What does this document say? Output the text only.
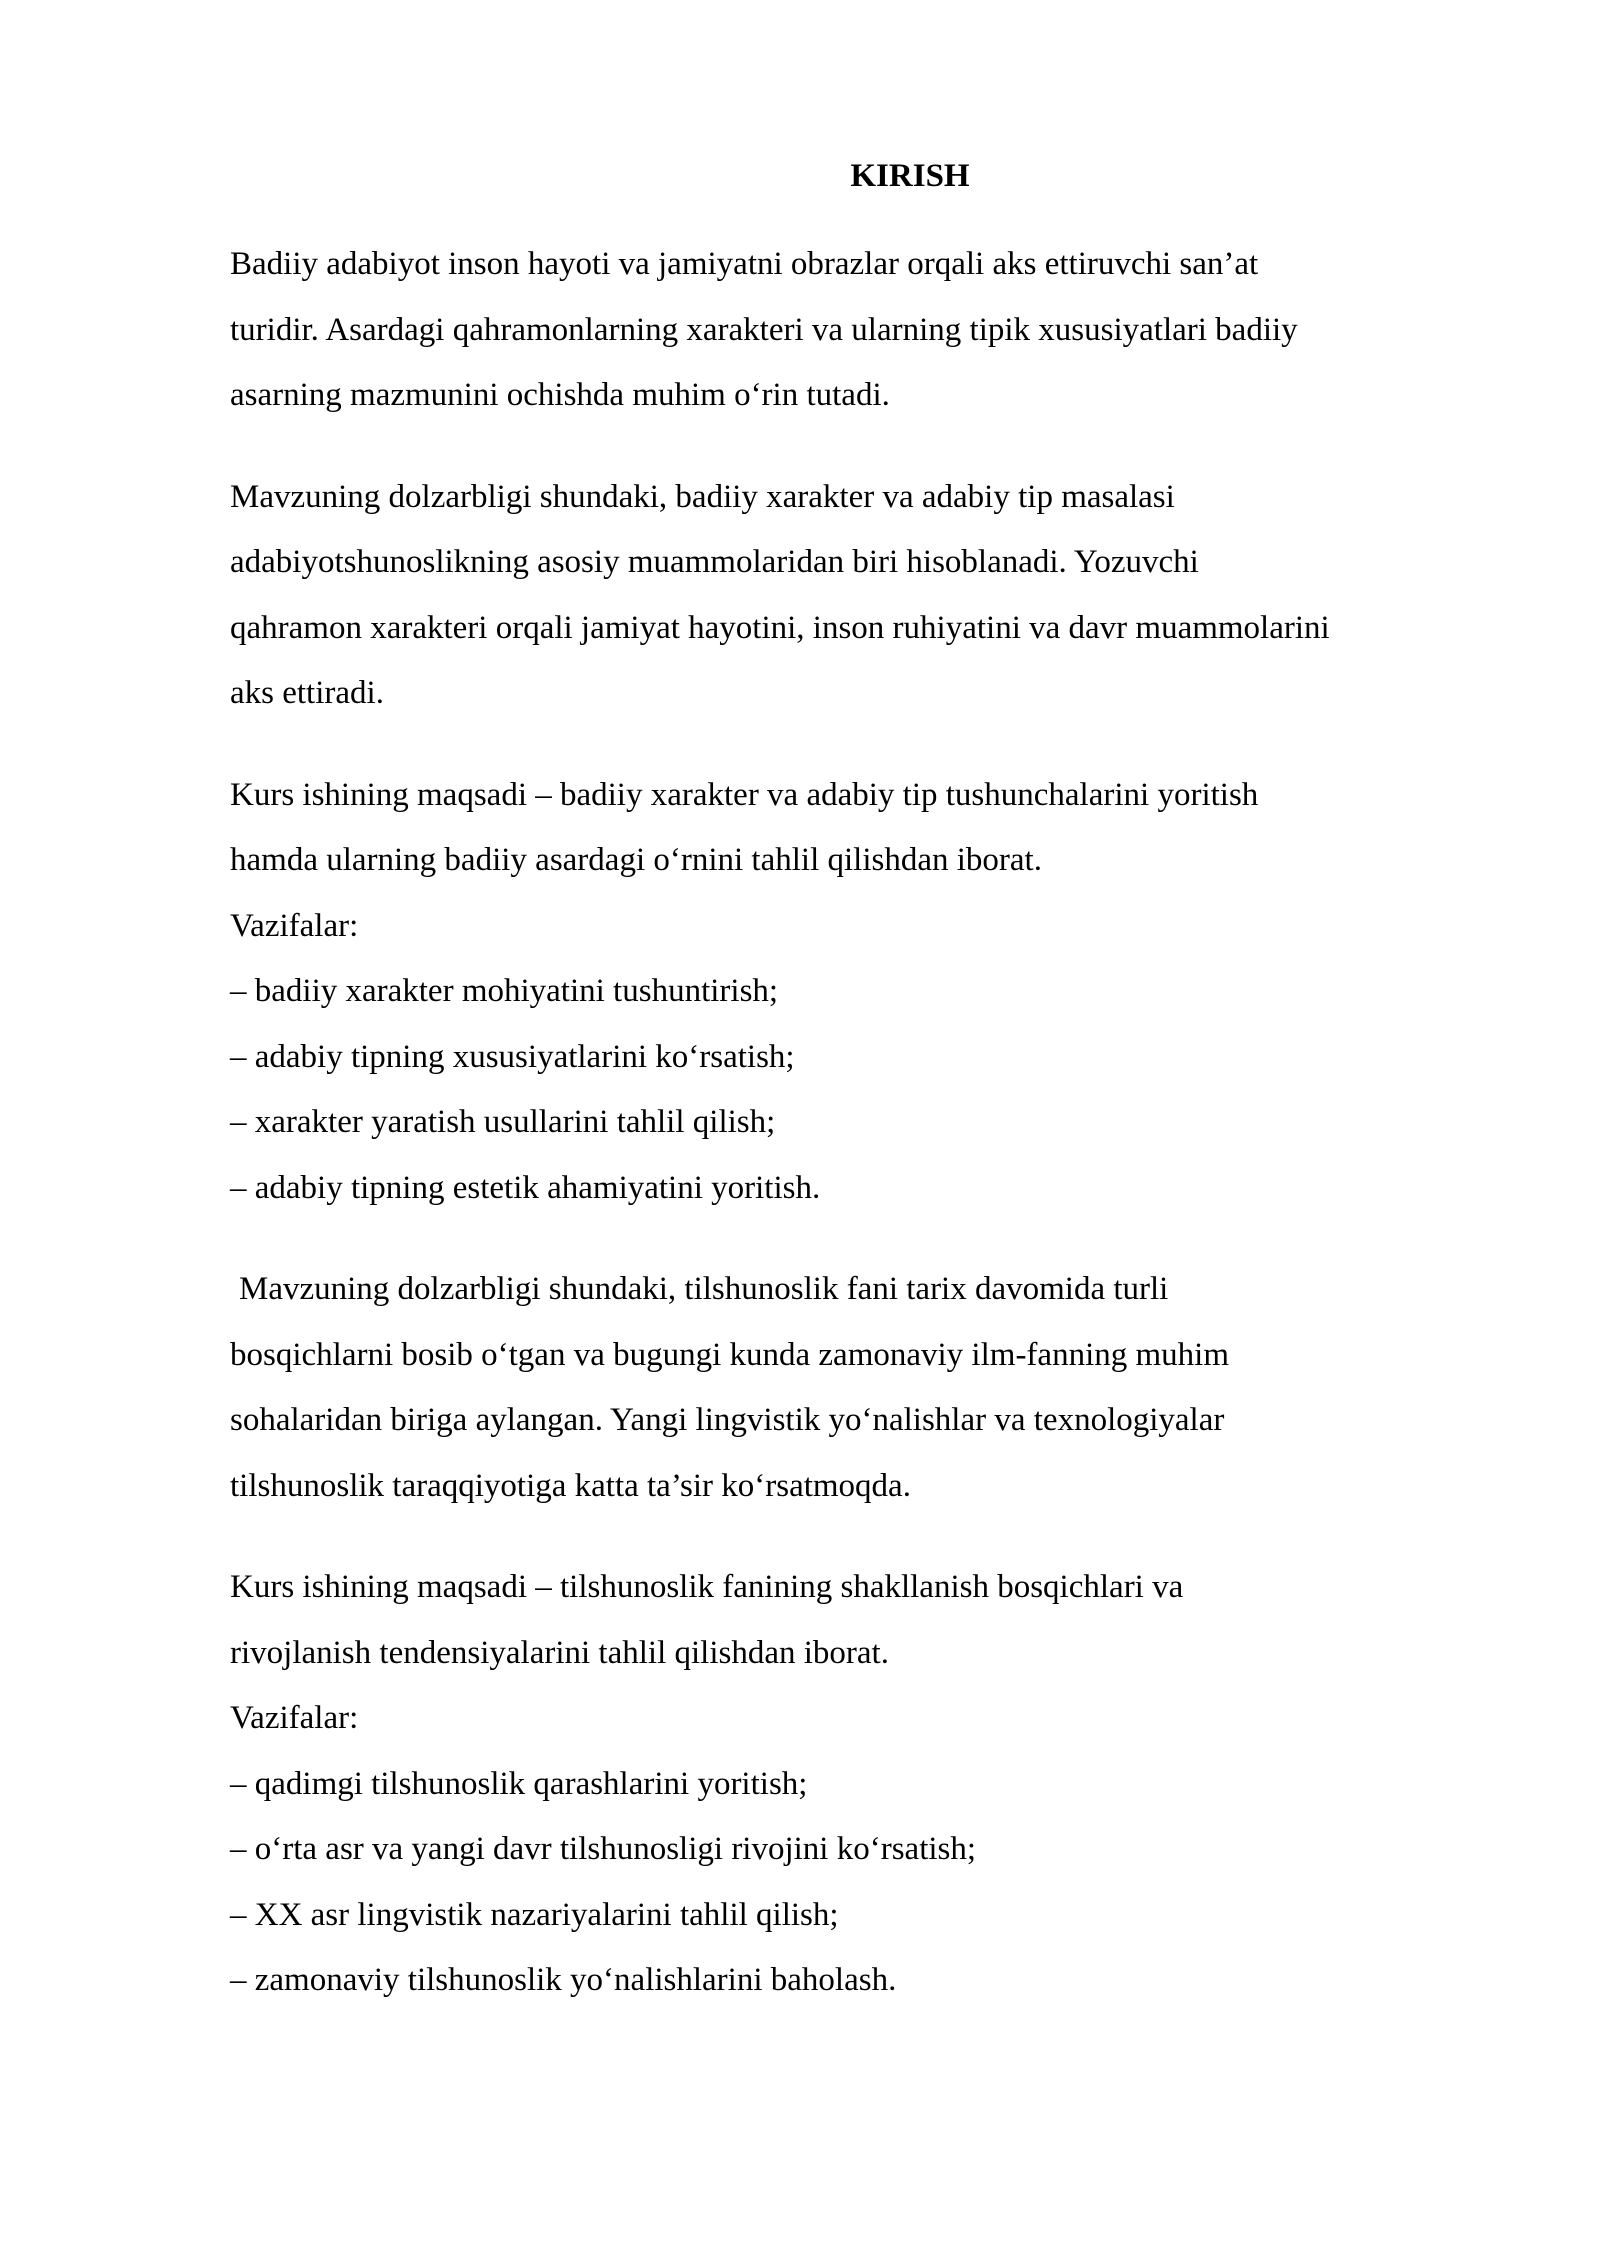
KIRISH
Badiiy adabiyot inson hayoti va jamiyatni obrazlar orqali aks ettiruvchi san’at
turidir. Asardagi qahramonlarning xarakteri va ularning tipik xususiyatlari badiiy
asarning mazmunini ochishda muhim o‘rin tutadi.
Mavzuning dolzarbligi shundaki, badiiy xarakter va adabiy tip masalasi
adabiyotshunoslikning asosiy muammolaridan biri hisoblanadi. Yozuvchi
qahramon xarakteri orqali jamiyat hayotini, inson ruhiyatini va davr muammolarini
aks ettiradi.
Kurs ishining maqsadi – badiiy xarakter va adabiy tip tushunchalarini yoritish
hamda ularning badiiy asardagi o‘rnini tahlil qilishdan iborat.
Vazifalar:
– badiiy xarakter mohiyatini tushuntirish;
– adabiy tipning xususiyatlarini ko‘rsatish;
– xarakter yaratish usullarini tahlil qilish;
– adabiy tipning estetik ahamiyatini yoritish.
Mavzuning dolzarbligi shundaki, tilshunoslik fani tarix davomida turli
bosqichlarni bosib o‘tgan va bugungi kunda zamonaviy ilm-fanning muhim
sohalaridan biriga aylangan. Yangi lingvistik yo‘nalishlar va texnologiyalar
tilshunoslik taraqqiyotiga katta ta’sir ko‘rsatmoqda.
Kurs ishining maqsadi – tilshunoslik fanining shakllanish bosqichlari va
rivojlanish tendensiyalarini tahlil qilishdan iborat.
Vazifalar:
– qadimgi tilshunoslik qarashlarini yoritish;
– o‘rta asr va yangi davr tilshunosligi rivojini ko‘rsatish;
– XX asr lingvistik nazariyalarini tahlil qilish;
– zamonaviy tilshunoslik yo‘nalishlarini baholash.
